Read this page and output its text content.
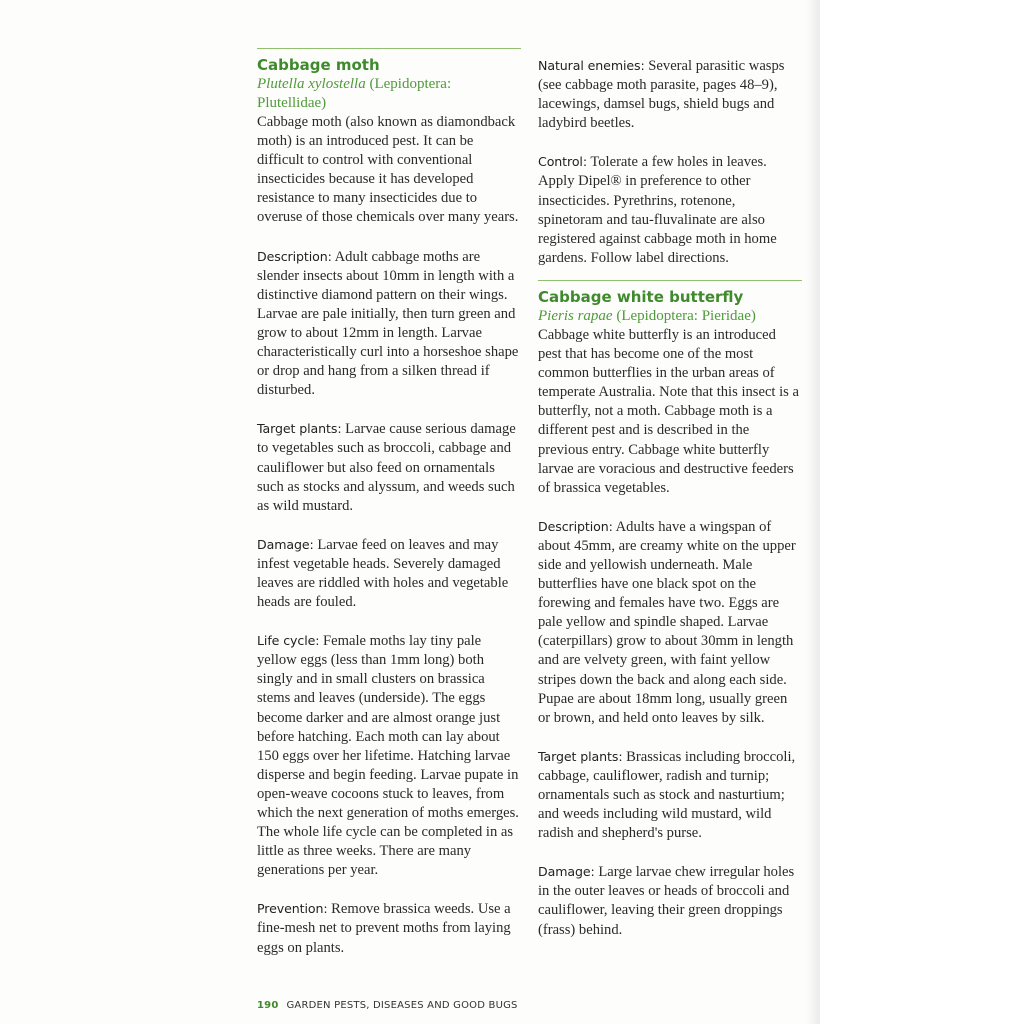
Cabbage moth
Plutella xylostella (Lepidoptera: Plutellidae)

Cabbage moth (also known as diamondback moth) is an introduced pest. It can be difficult to control with conventional insecticides because it has developed resistance to many insecticides due to overuse of those chemicals over many years.

Description: Adult cabbage moths are slender insects about 10mm in length with a distinctive diamond pattern on their wings. Larvae are pale initially, then turn green and grow to about 12mm in length. Larvae characteristically curl into a horseshoe shape or drop and hang from a silken thread if disturbed.

Target plants: Larvae cause serious damage to vegetables such as broccoli, cabbage and cauliflower but also feed on ornamentals such as stocks and alyssum, and weeds such as wild mustard.

Damage: Larvae feed on leaves and may infest vegetable heads. Severely damaged leaves are riddled with holes and vegetable heads are fouled.

Life cycle: Female moths lay tiny pale yellow eggs (less than 1mm long) both singly and in small clusters on brassica stems and leaves (underside). The eggs become darker and are almost orange just before hatching. Each moth can lay about 150 eggs over her lifetime. Hatching larvae disperse and begin feeding. Larvae pupate in open-weave cocoons stuck to leaves, from which the next generation of moths emerges. The whole life cycle can be completed in as little as three weeks. There are many generations per year.

Prevention: Remove brassica weeds. Use a fine-mesh net to prevent moths from laying eggs on plants.

Natural enemies: Several parasitic wasps (see cabbage moth parasite, pages 48–9), lacewings, damsel bugs, shield bugs and ladybird beetles.

Control: Tolerate a few holes in leaves. Apply Dipel® in preference to other insecticides. Pyrethrins, rotenone, spinetoram and tau-fluvalinate are also registered against cabbage moth in home gardens. Follow label directions.

Cabbage white butterfly
Pieris rapae (Lepidoptera: Pieridae)

Cabbage white butterfly is an introduced pest that has become one of the most common butterflies in the urban areas of temperate Australia. Note that this insect is a butterfly, not a moth. Cabbage moth is a different pest and is described in the previous entry. Cabbage white butterfly larvae are voracious and destructive feeders of brassica vegetables.

Description: Adults have a wingspan of about 45mm, are creamy white on the upper side and yellowish underneath. Male butterflies have one black spot on the forewing and females have two. Eggs are pale yellow and spindle shaped. Larvae (caterpillars) grow to about 30mm in length and are velvety green, with faint yellow stripes down the back and along each side. Pupae are about 18mm long, usually green or brown, and held onto leaves by silk.

Target plants: Brassicas including broccoli, cabbage, cauliflower, radish and turnip; ornamentals such as stock and nasturtium; and weeds including wild mustard, wild radish and shepherd's purse.

Damage: Large larvae chew irregular holes in the outer leaves or heads of broccoli and cauliflower, leaving their green droppings (frass) behind.

190 GARDEN PESTS, DISEASES AND GOOD BUGS
